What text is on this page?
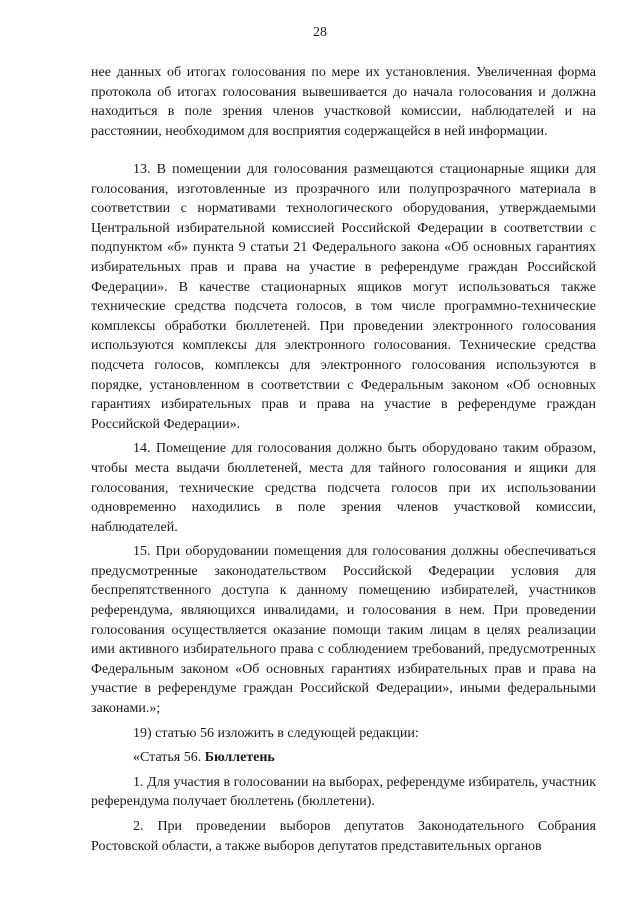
28

нее данных об итогах голосования по мере их установления. Увеличенная форма протокола об итогах голосования вывешивается до начала голосования и должна находиться в поле зрения членов участковой комиссии, наблюдателей и на расстоянии, необходимом для восприятия содержащейся в ней информации.

13. В помещении для голосования размещаются стационарные ящики для голосования, изготовленные из прозрачного или полупрозрачного материала в соответствии с нормативами технологического оборудования, утверждаемыми Центральной избирательной комиссией Российской Федерации в соответствии с подпунктом «б» пункта 9 статьи 21 Федерального закона «Об основных гарантиях избирательных прав и права на участие в референдуме граждан Российской Федерации». В качестве стационарных ящиков могут использоваться также технические средства подсчета голосов, в том числе программно-технические комплексы обработки бюллетеней. При проведении электронного голосования используются комплексы для электронного голосования. Технические средства подсчета голосов, комплексы для электронного голосования используются в порядке, установленном в соответствии с Федеральным законом «Об основных гарантиях избирательных прав и права на участие в референдуме граждан Российской Федерации».

14. Помещение для голосования должно быть оборудовано таким образом, чтобы места выдачи бюллетеней, места для тайного голосования и ящики для голосования, технические средства подсчета голосов при их использовании одновременно находились в поле зрения членов участковой комиссии, наблюдателей.

15. При оборудовании помещения для голосования должны обеспечиваться предусмотренные законодательством Российской Федерации условия для беспрепятственного доступа к данному помещению избирателей, участников референдума, являющихся инвалидами, и голосования в нем. При проведении голосования осуществляется оказание помощи таким лицам в целях реализации ими активного избирательного права с соблюдением требований, предусмотренных Федеральным законом «Об основных гарантиях избирательных прав и права на участие в референдуме граждан Российской Федерации», иными федеральными законами.»;

19) статью 56 изложить в следующей редакции:

«Статья 56. Бюллетень

1. Для участия в голосовании на выборах, референдуме избиратель, участник референдума получает бюллетень (бюллетени).

2. При проведении выборов депутатов Законодательного Собрания Ростовской области, а также выборов депутатов представительных органов
